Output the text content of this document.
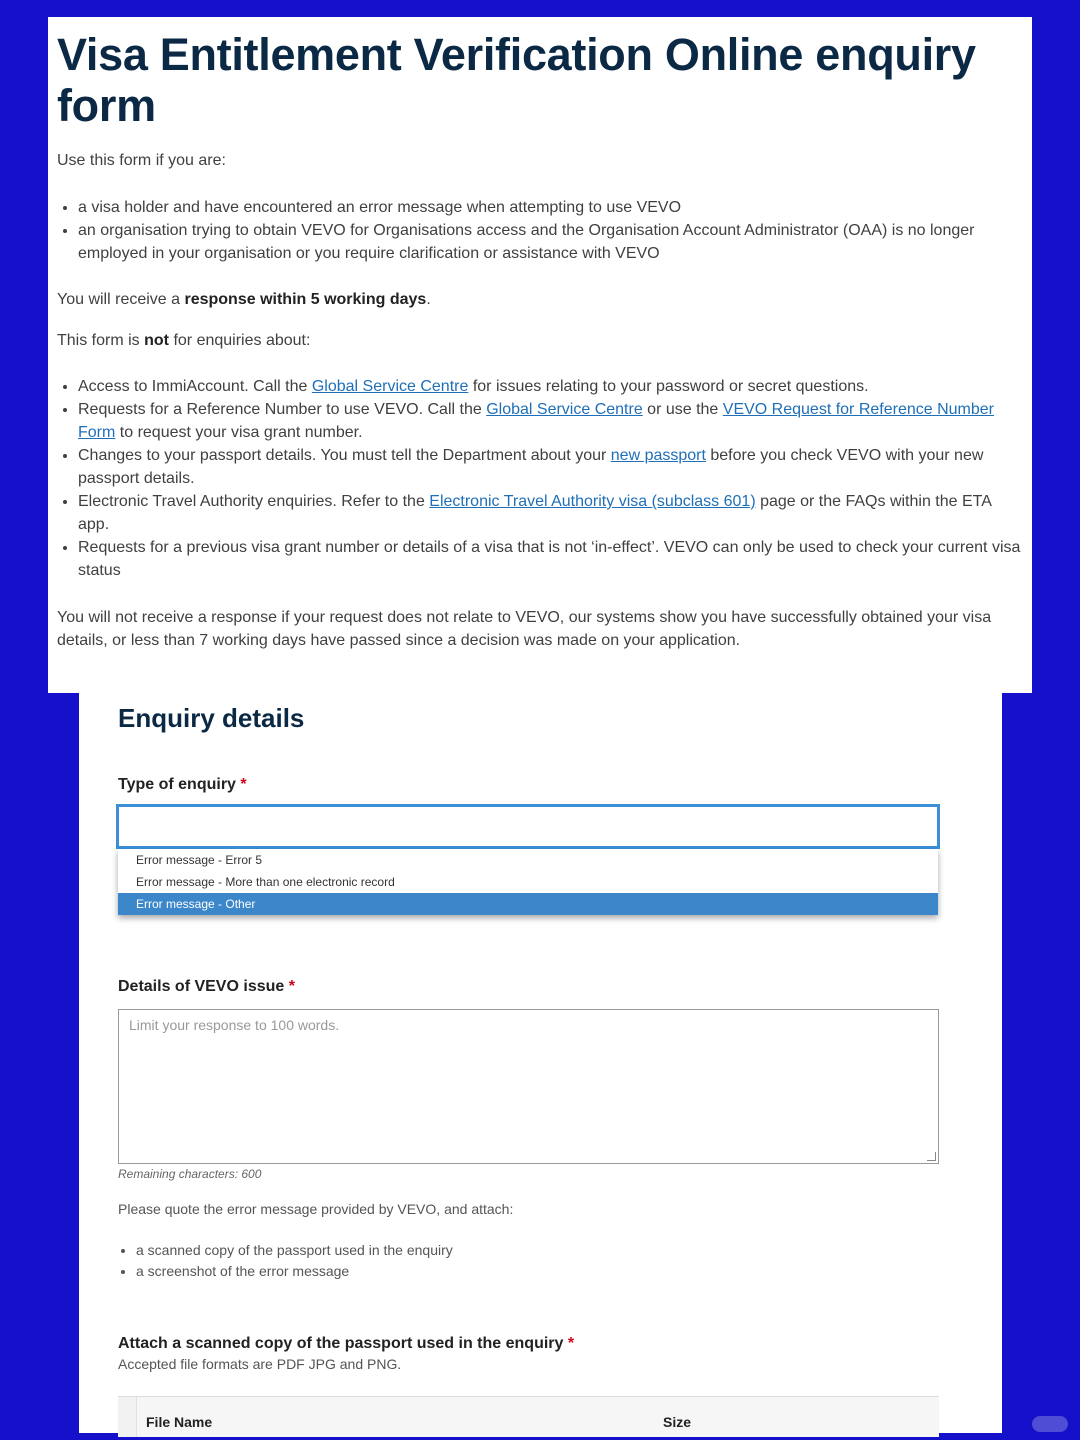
Visa Entitlement Verification Online enquiry form

Use this form if you are:

• a visa holder and have encountered an error message when attempting to use VEVO
• an organisation trying to obtain VEVO for Organisations access and the Organisation Account Administrator (OAA) is no longer employed in your organisation or you require clarification or assistance with VEVO

You will receive a response within 5 working days.

This form is not for enquiries about:

• Access to ImmiAccount. Call the Global Service Centre for issues relating to your password or secret questions.
• Requests for a Reference Number to use VEVO. Call the Global Service Centre or use the VEVO Request for Reference Number Form to request your visa grant number.
• Changes to your passport details. You must tell the Department about your new passport before you check VEVO with your new passport details.
• Electronic Travel Authority enquiries. Refer to the Electronic Travel Authority visa (subclass 601) page or the FAQs within the ETA app.
• Requests for a previous visa grant number or details of a visa that is not ‘in-effect’. VEVO can only be used to check your current visa status

You will not receive a response if your request does not relate to VEVO, our systems show you have successfully obtained your visa details, or less than 7 working days have passed since a decision was made on your application.

Enquiry details
Type of enquiry *
Error message - Error 5
Error message - More than one electronic record
Error message - Other
Details of VEVO issue *
Limit your response to 100 words.
Remaining characters: 600
Please quote the error message provided by VEVO, and attach:
• a scanned copy of the passport used in the enquiry
• a screenshot of the error message
Attach a scanned copy of the passport used in the enquiry *
Accepted file formats are PDF JPG and PNG.
File Name	Size
